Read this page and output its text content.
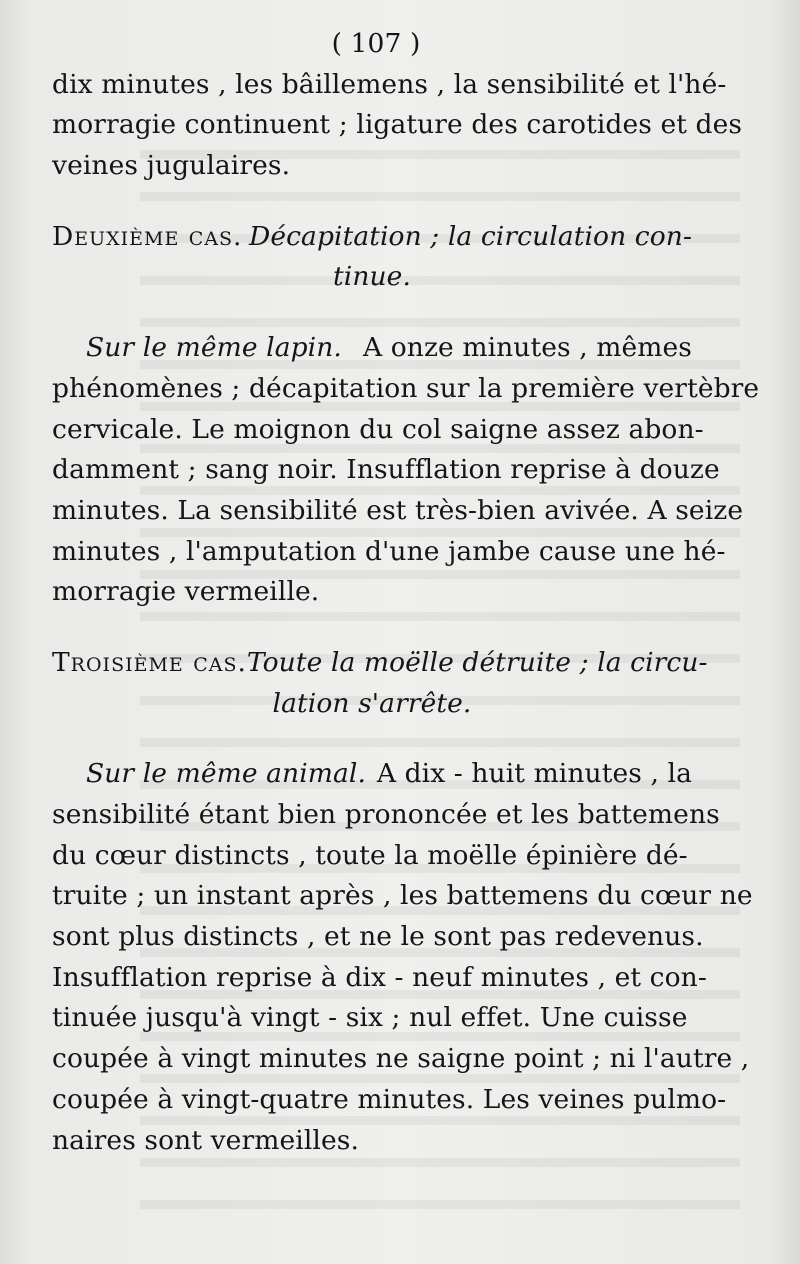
( 107 )
dix minutes , les bâillemens , la sensibilité et l'hé-
morragie continuent ; ligature des carotides et des
veines jugulaires.
Deuxième cas. Décapitation ; la circulation con-
tinue.
Sur le même lapin. A onze minutes , mêmes
phénomènes ; décapitation sur la première vertèbre
cervicale. Le moignon du col saigne assez abon-
damment ; sang noir. Insufflation reprise à douze
minutes. La sensibilité est très-bien avivée. A seize
minutes , l'amputation d'une jambe cause une hé-
morragie vermeille.
Troisième cas. Toute la moëlle détruite ; la circu-
lation s'arrête.
Sur le même animal. A dix - huit minutes , la
sensibilité étant bien prononcée et les battemens
du cœur distincts , toute la moëlle épinière dé-
truite ; un instant après , les battemens du cœur ne
sont plus distincts , et ne le sont pas redevenus.
Insufflation reprise à dix - neuf minutes , et con-
tinuée jusqu'à vingt - six ; nul effet. Une cuisse
coupée à vingt minutes ne saigne point ; ni l'autre ,
coupée à vingt-quatre minutes. Les veines pulmo-
naires sont vermeilles.
